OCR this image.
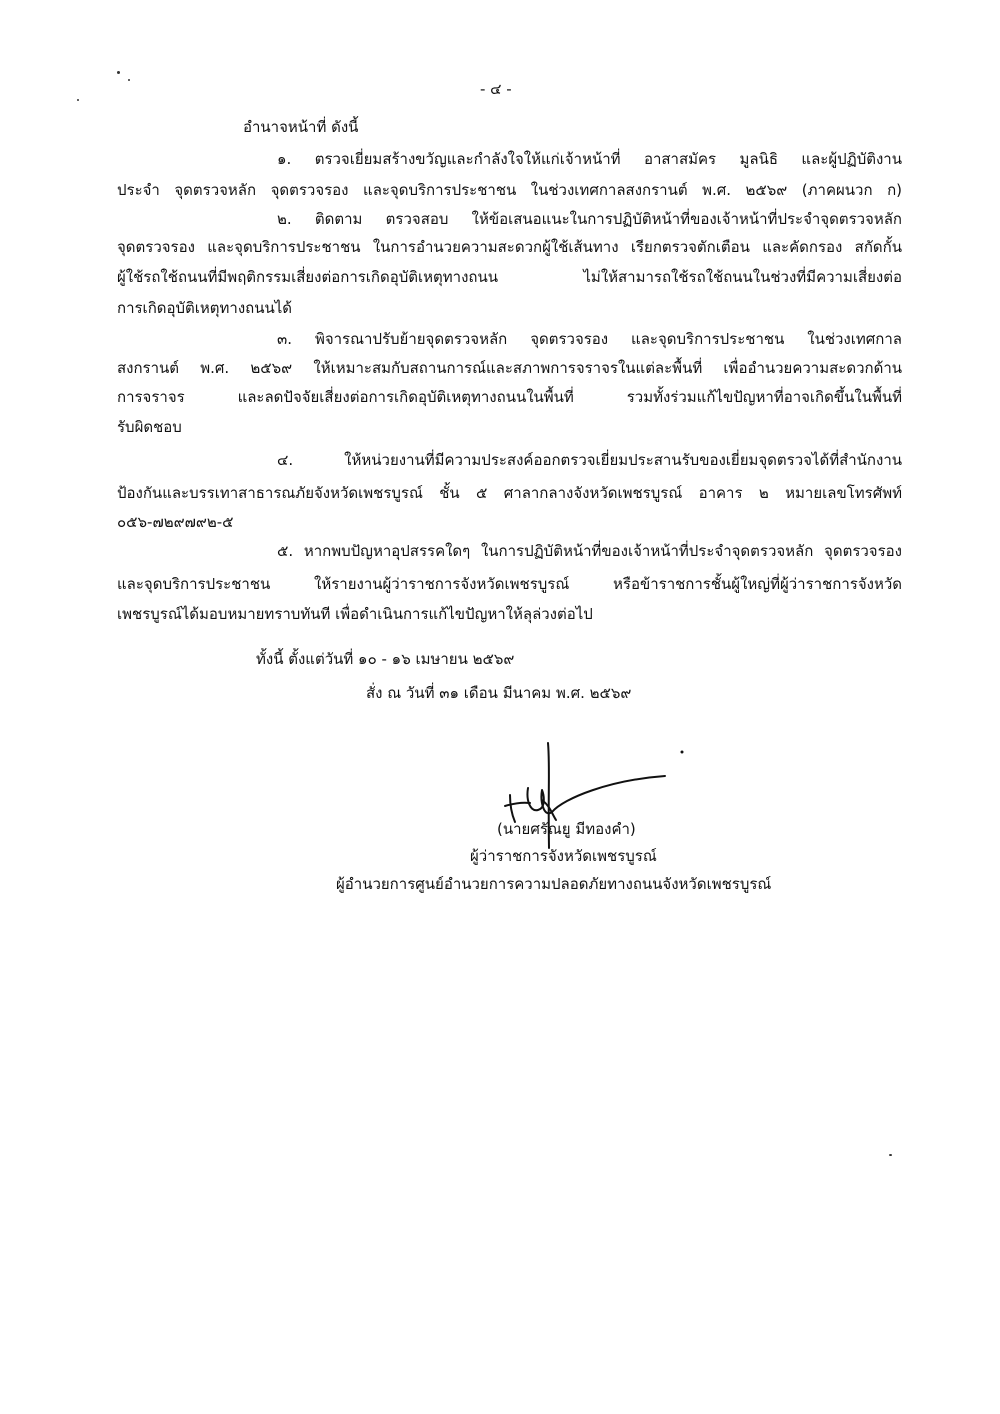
- ๔ -
อำนาจหน้าที่ ดังนี้
๑. ตรวจเยี่ยมสร้างขวัญและกำลังใจให้แก่เจ้าหน้าที่ อาสาสมัคร มูลนิธิ และผู้ปฏิบัติงาน
ประจำ จุดตรวจหลัก จุดตรวจรอง และจุดบริการประชาชน ในช่วงเทศกาลสงกรานต์ พ.ศ. ๒๕๖๙ (ภาคผนวก ก)
๒. ติดตาม ตรวจสอบ ให้ข้อเสนอแนะในการปฏิบัติหน้าที่ของเจ้าหน้าที่ประจำจุดตรวจหลัก
จุดตรวจรอง และจุดบริการประชาชน ในการอำนวยความสะดวกผู้ใช้เส้นทาง เรียกตรวจตักเตือน และคัดกรอง สกัดกั้น
ผู้ใช้รถใช้ถนนที่มีพฤติกรรมเสี่ยงต่อการเกิดอุบัติเหตุทางถนน ไม่ให้สามารถใช้รถใช้ถนนในช่วงที่มีความเสี่ยงต่อ
การเกิดอุบัติเหตุทางถนนได้
๓. พิจารณาปรับย้ายจุดตรวจหลัก จุดตรวจรอง และจุดบริการประชาชน ในช่วงเทศกาล
สงกรานต์ พ.ศ. ๒๕๖๙ ให้เหมาะสมกับสถานการณ์และสภาพการจราจรในแต่ละพื้นที่ เพื่ออำนวยความสะดวกด้าน
การจราจร และลดปัจจัยเสี่ยงต่อการเกิดอุบัติเหตุทางถนนในพื้นที่ รวมทั้งร่วมแก้ไขปัญหาที่อาจเกิดขึ้นในพื้นที่
รับผิดชอบ
๔. ให้หน่วยงานที่มีความประสงค์ออกตรวจเยี่ยมประสานรับของเยี่ยมจุดตรวจได้ที่สำนักงาน
ป้องกันและบรรเทาสาธารณภัยจังหวัดเพชรบูรณ์ ชั้น ๕ ศาลากลางจังหวัดเพชรบูรณ์ อาคาร ๒ หมายเลขโทรศัพท์
๐๕๖-๗๒๙๗๙๒-๕
๕. หากพบปัญหาอุปสรรคใดๆ ในการปฏิบัติหน้าที่ของเจ้าหน้าที่ประจำจุดตรวจหลัก จุดตรวจรอง
และจุดบริการประชาชน ให้รายงานผู้ว่าราชการจังหวัดเพชรบูรณ์ หรือข้าราชการชั้นผู้ใหญ่ที่ผู้ว่าราชการจังหวัด
เพชรบูรณ์ได้มอบหมายทราบทันที เพื่อดำเนินการแก้ไขปัญหาให้ลุล่วงต่อไป
ทั้งนี้ ตั้งแต่วันที่ ๑๐ - ๑๖ เมษายน ๒๕๖๙
สั่ง ณ วันที่ ๓๑ เดือน มีนาคม พ.ศ. ๒๕๖๙
(นายศรัณยู มีทองคำ)
ผู้ว่าราชการจังหวัดเพชรบูรณ์
ผู้อำนวยการศูนย์อำนวยการความปลอดภัยทางถนนจังหวัดเพชรบูรณ์
